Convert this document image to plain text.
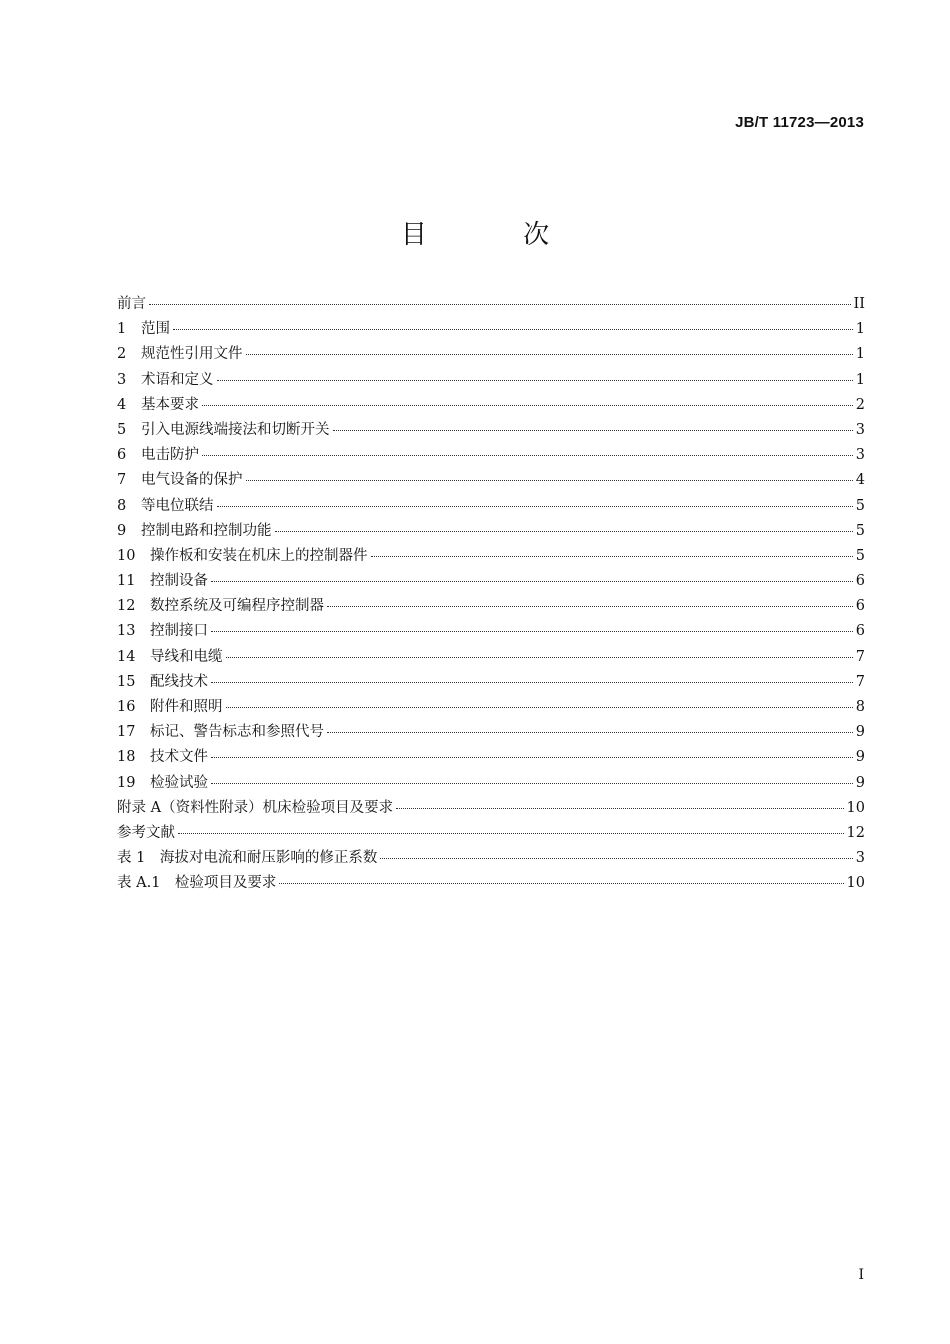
JB/T 11723—2013
目 次
前言	II
1	范围	1
2	规范性引用文件	1
3	术语和定义	1
4	基本要求	2
5	引入电源线端接法和切断开关	3
6	电击防护	3
7	电气设备的保护	4
8	等电位联结	5
9	控制电路和控制功能	5
10	操作板和安装在机床上的控制器件	5
11	控制设备	6
12	数控系统及可编程序控制器	6
13	控制接口	6
14	导线和电缆	7
15	配线技术	7
16	附件和照明	8
17	标记、警告标志和参照代号	9
18	技术文件	9
19	检验试验	9
附录 A（资料性附录）机床检验项目及要求	10
参考文献	12
表 1　海拔对电流和耐压影响的修正系数	3
表 A.1　检验项目及要求	10
I
